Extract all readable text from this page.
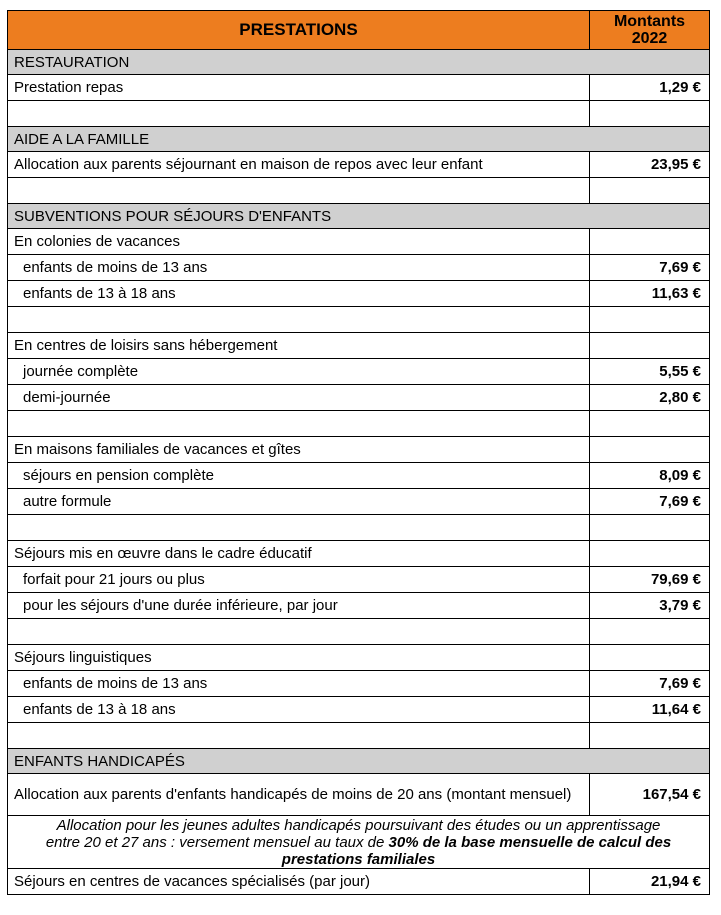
PRESTATIONS	Montants
2022
RESTAURATION
Prestation repas	1,29 €
AIDE A LA FAMILLE
Allocation aux parents séjournant en maison de repos avec leur enfant	23,95 €
SUBVENTIONS POUR SÉJOURS D'ENFANTS
En colonies de vacances
enfants de moins de 13 ans	7,69 €
enfants de 13 à 18 ans	11,63 €
En centres de loisirs sans hébergement
journée complète	5,55 €
demi-journée	2,80 €
En maisons familiales de vacances et gîtes
séjours en pension complète	8,09 €
autre formule	7,69 €
Séjours mis en œuvre dans le cadre éducatif
forfait pour 21 jours ou plus	79,69 €
pour les séjours d'une durée inférieure, par jour	3,79 €
Séjours linguistiques
enfants de moins de 13 ans	7,69 €
enfants de 13 à 18 ans	11,64 €
ENFANTS HANDICAPÉS
Allocation aux parents d'enfants handicapés de moins de 20 ans (montant mensuel)	167,54 €
Allocation pour les jeunes adultes handicapés poursuivant des études ou un apprentissage
entre 20 et 27 ans : versement mensuel au taux de 30% de la base mensuelle de calcul des prestations familiales
Séjours en centres de vacances spécialisés (par jour)	21,94 €
